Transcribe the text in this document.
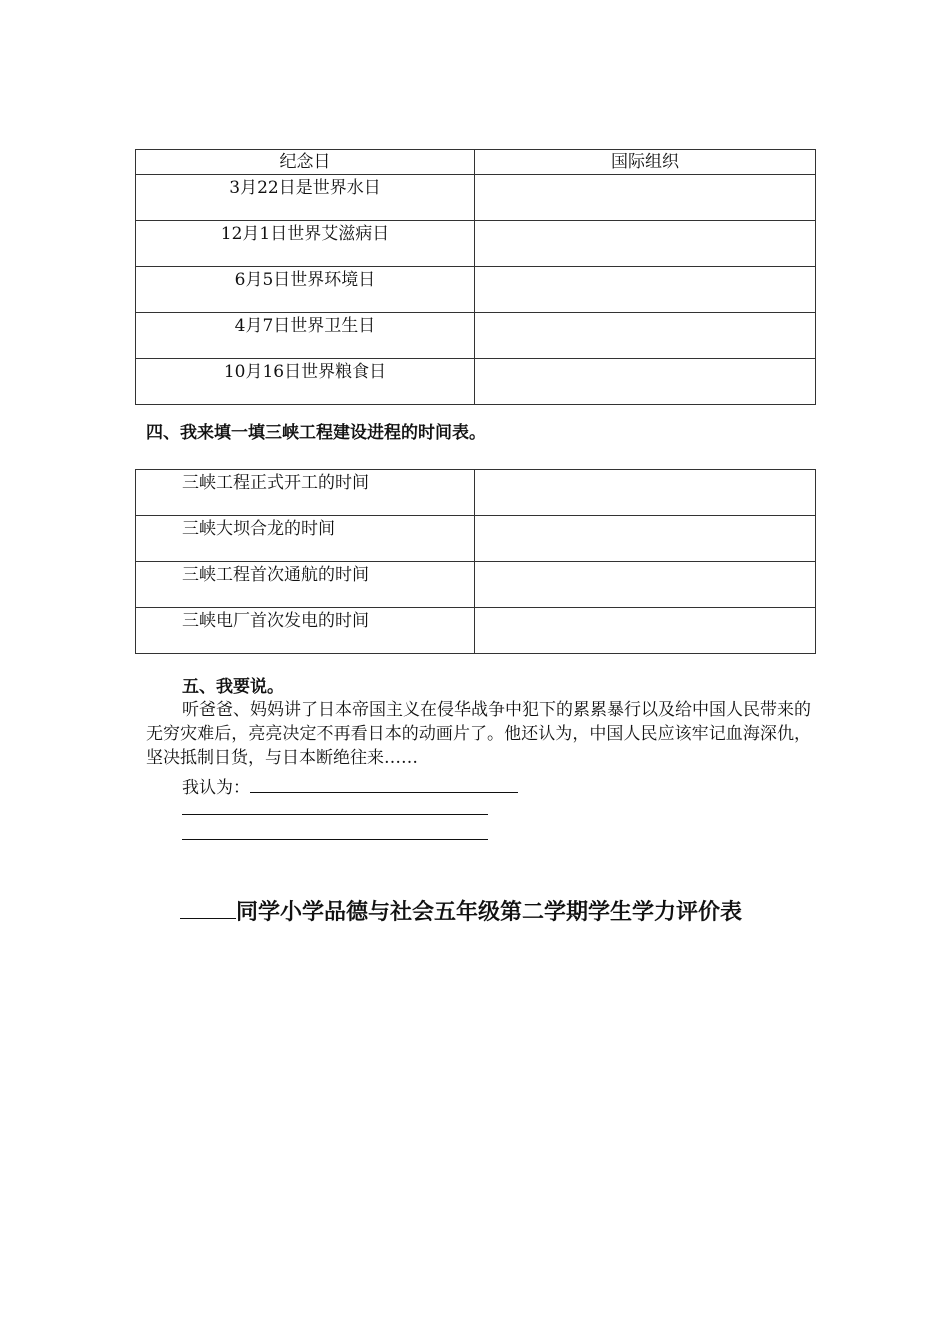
纪念日	国际组织
3月22日是世界水日	
12月1日世界艾滋病日	
6月5日世界环境日	
4月7日世界卫生日	
10月16日世界粮食日	
四、我来填一填三峡工程建设进程的时间表。
三峡工程正式开工的时间	
三峡大坝合龙的时间	
三峡工程首次通航的时间	
三峡电厂首次发电的时间	
五、我要说。
听爸爸、妈妈讲了日本帝国主义在侵华战争中犯下的累累暴行以及给中国人民带来的无穷灾难后，亮亮决定不再看日本的动画片了。他还认为，中国人民应该牢记血海深仇，坚决抵制日货，与日本断绝往来……
我认为：
同学小学品德与社会五年级第二学期学生学力评价表
